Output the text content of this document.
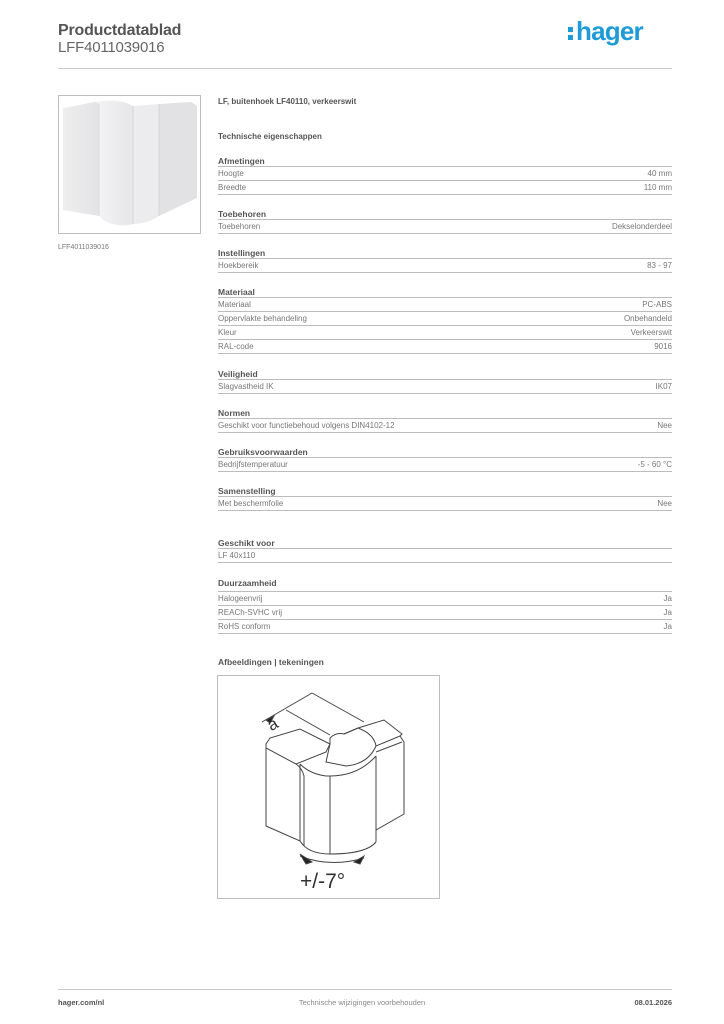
Productdatablad
LFF4011039016
hager
LFF4011039016
LF, buitenhoek LF40110, verkeerswit
Technische eigenschappen
Afmetingen
Hoogte	40 mm
Breedte	110 mm
Toebehoren
Toebehoren	Dekselonderdeel
Instellingen
Hoekbereik	83 - 97
Materiaal
Materiaal	PC-ABS
Oppervlakte behandeling	Onbehandeld
Kleur	Verkeerswit
RAL-code	9016
Veiligheid
Slagvastheid IK	IK07
Normen
Geschikt voor functiebehoud volgens DIN4102-12	Nee
Gebruiksvoorwaarden
Bedrijfstemperatuur	-5 - 60 °C
Samenstelling
Met beschermfolie	Nee
Geschikt voor
LF 40x110
Duurzaamheid
Halogeenvrij	Ja
REACh-SVHC vrij	Ja
RoHS conform	Ja
Afbeeldingen | tekeningen
a
+/-7°
hager.com/nl	Technische wijzigingen voorbehouden	08.01.2026
